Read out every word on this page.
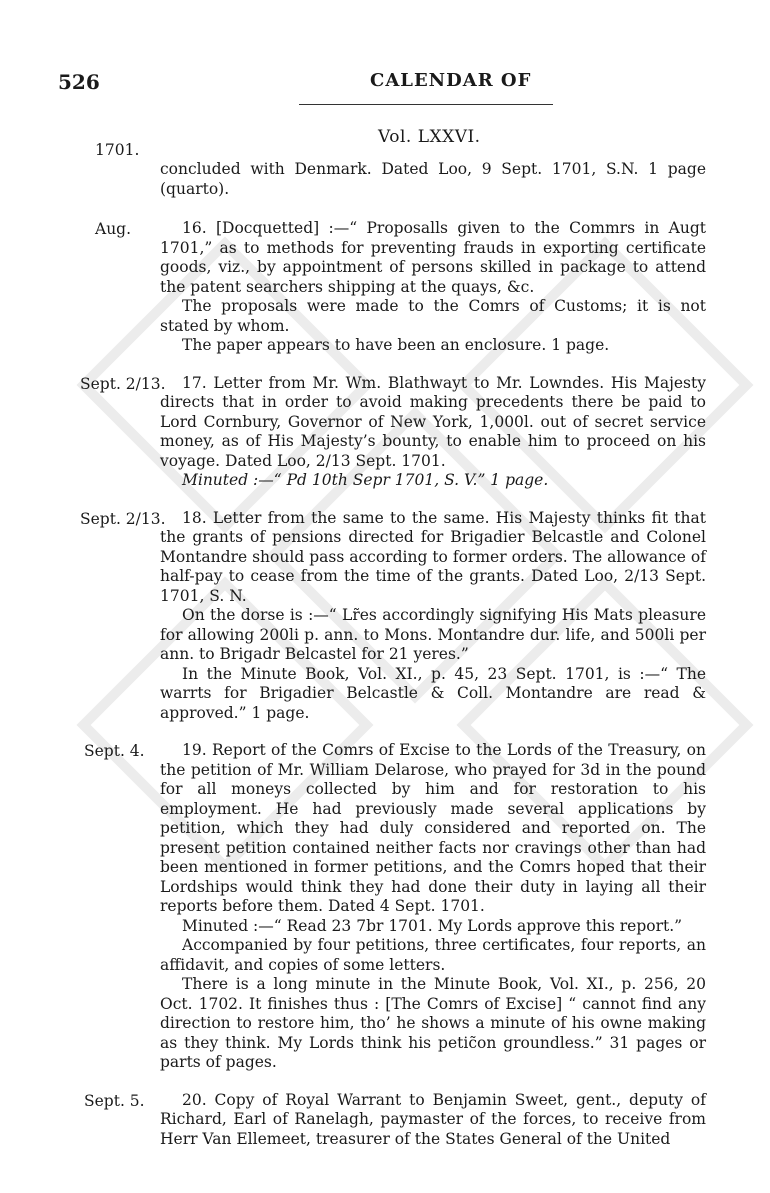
526	CALENDAR OF
Vol. LXXVI.
1701.

concluded with Denmark. Dated Loo, 9 Sept. 1701, S.N. 1 page (quarto).

Aug.	16. [Docquetted] :—“ Proposalls given to the Commrs in Augt 1701,” as to methods for preventing frauds in exporting certificate goods, viz., by appointment of persons skilled in package to attend the patent searchers shipping at the quays, &c.

The proposals were made to the Comrs of Customs; it is not stated by whom.

The paper appears to have been an enclosure. 1 page.

Sept. 2/13.	17. Letter from Mr. Wm. Blathwayt to Mr. Lowndes. His Majesty directs that in order to avoid making precedents there be paid to Lord Cornbury, Governor of New York, 1,000l. out of secret service money, as of His Majesty’s bounty, to enable him to proceed on his voyage. Dated Loo, 2/13 Sept. 1701.

Minuted :—“ Pd 10th Sepr 1701, S. V.” 1 page.

Sept. 2/13.	18. Letter from the same to the same. His Majesty thinks fit that the grants of pensions directed for Brigadier Belcastle and Colonel Montandre should pass according to former orders. The allowance of half-pay to cease from the time of the grants. Dated Loo, 2/13 Sept. 1701, S. N.

On the dorse is :—“ Lr̃es accordingly signifying His Mats pleasure for allowing 200li p. ann. to Mons. Montandre dur. life, and 500li per ann. to Brigadr Belcastel for 21 yeres.”

In the Minute Book, Vol. XI., p. 45, 23 Sept. 1701, is :—“ The warrts for Brigadier Belcastle & Coll. Montandre are read & approved.” 1 page.

Sept. 4.	19. Report of the Comrs of Excise to the Lords of the Treasury, on the petition of Mr. William Delarose, who prayed for 3d in the pound for all moneys collected by him and for restoration to his employment. He had previously made several applications by petition, which they had duly considered and reported on. The present petition contained neither facts nor cravings other than had been mentioned in former petitions, and the Comrs hoped that their Lordships would think they had done their duty in laying all their reports before them. Dated 4 Sept. 1701.

Minuted :—“ Read 23 7br 1701. My Lords approve this report.”

Accompanied by four petitions, three certificates, four reports, an affidavit, and copies of some letters.

There is a long minute in the Minute Book, Vol. XI., p. 256, 20 Oct. 1702. It finishes thus : [The Comrs of Excise] “ cannot find any direction to restore him, tho’ he shows a minute of his owne making as they think. My Lords think his petic̃on groundless.” 31 pages or parts of pages.

Sept. 5.	20. Copy of Royal Warrant to Benjamin Sweet, gent., deputy of Richard, Earl of Ranelagh, paymaster of the forces, to receive from Herr Van Ellemeet, treasurer of the States General of the United
